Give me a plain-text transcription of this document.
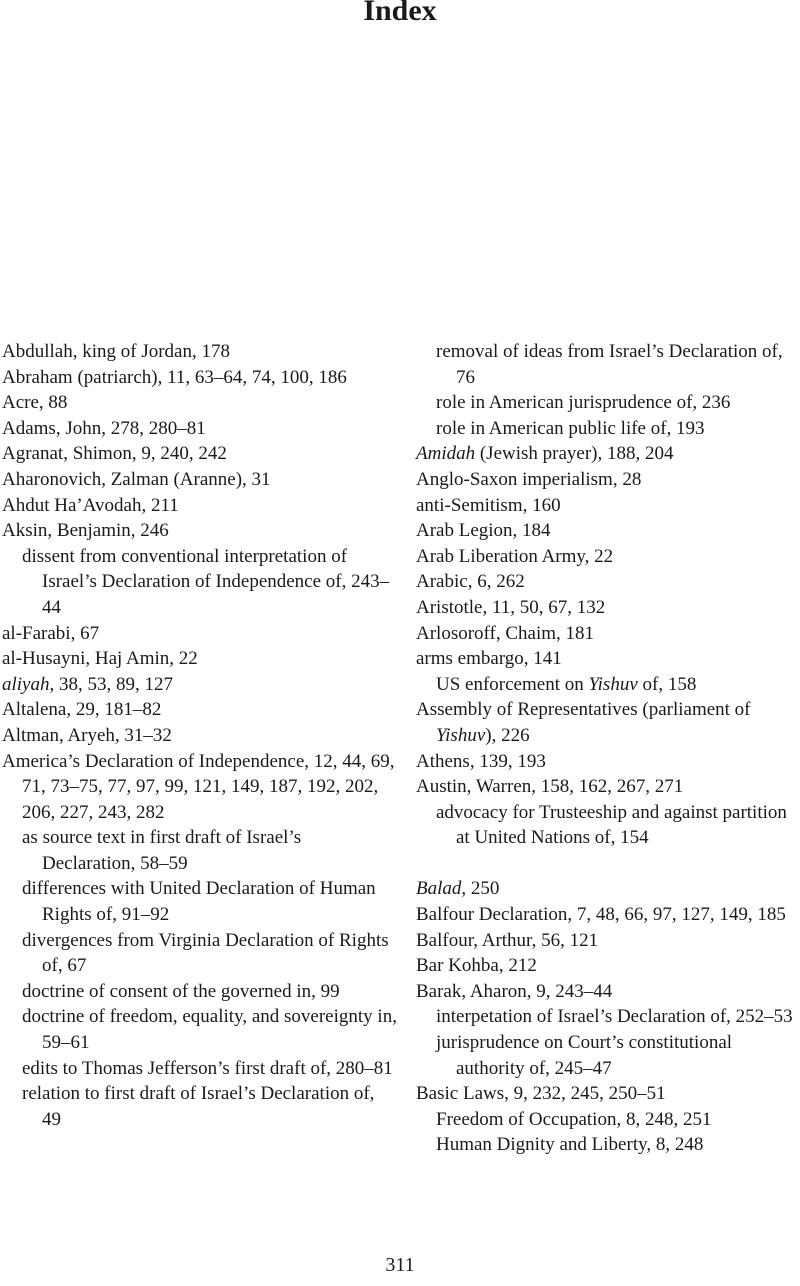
Index
Abdullah, king of Jordan, 178
Abraham (patriarch), 11, 63–64, 74, 100, 186
Acre, 88
Adams, John, 278, 280–81
Agranat, Shimon, 9, 240, 242
Aharonovich, Zalman (Aranne), 31
Ahdut Ha’Avodah, 211
Aksin, Benjamin, 246
dissent from conventional interpretation of Israel’s Declaration of Independence of, 243–44
al-Farabi, 67
al-Husayni, Haj Amin, 22
aliyah, 38, 53, 89, 127
Altalena, 29, 181–82
Altman, Aryeh, 31–32
America’s Declaration of Independence, 12, 44, 69, 71, 73–75, 77, 97, 99, 121, 149, 187, 192, 202, 206, 227, 243, 282
as source text in first draft of Israel’s Declaration, 58–59
differences with United Declaration of Human Rights of, 91–92
divergences from Virginia Declaration of Rights of, 67
doctrine of consent of the governed in, 99
doctrine of freedom, equality, and sovereignty in, 59–61
edits to Thomas Jefferson’s first draft of, 280–81
relation to first draft of Israel’s Declaration of, 49
removal of ideas from Israel’s Declaration of, 76
role in American jurisprudence of, 236
role in American public life of, 193
Amidah (Jewish prayer), 188, 204
Anglo-Saxon imperialism, 28
anti-Semitism, 160
Arab Legion, 184
Arab Liberation Army, 22
Arabic, 6, 262
Aristotle, 11, 50, 67, 132
Arlosoroff, Chaim, 181
arms embargo, 141
US enforcement on Yishuv of, 158
Assembly of Representatives (parliament of Yishuv), 226
Athens, 139, 193
Austin, Warren, 158, 162, 267, 271
advocacy for Trusteeship and against partition at United Nations of, 154
Balad, 250
Balfour Declaration, 7, 48, 66, 97, 127, 149, 185
Balfour, Arthur, 56, 121
Bar Kohba, 212
Barak, Aharon, 9, 243–44
interpetation of Israel’s Declaration of, 252–53
jurisprudence on Court’s constitutional authority of, 245–47
Basic Laws, 9, 232, 245, 250–51
Freedom of Occupation, 8, 248, 251
Human Dignity and Liberty, 8, 248
311
